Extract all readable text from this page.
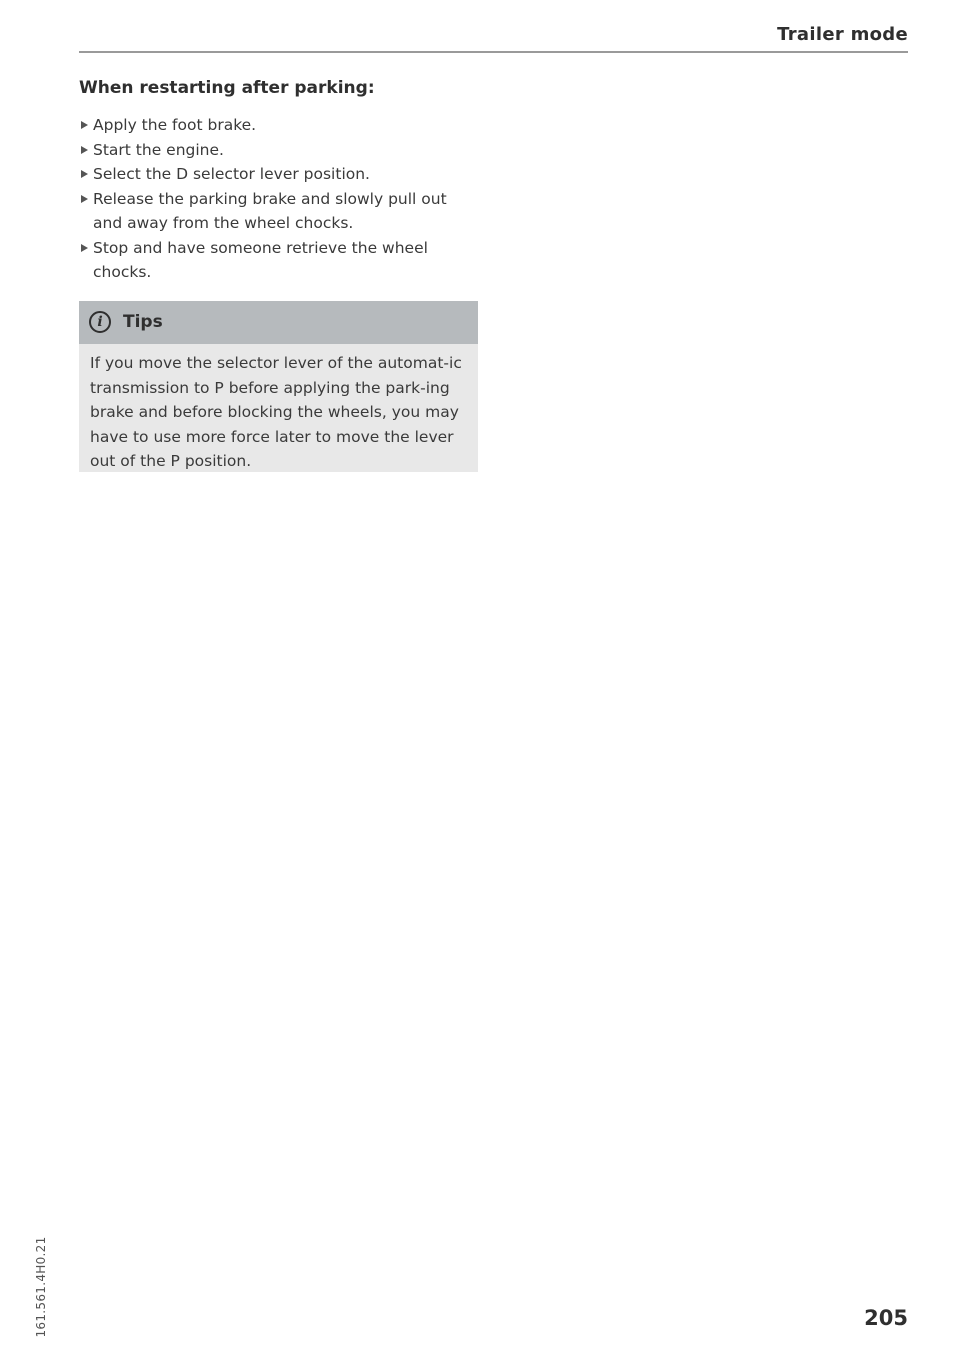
Trailer mode
When restarting after parking:
Apply the foot brake.
Start the engine.
Select the D selector lever position.
Release the parking brake and slowly pull out and away from the wheel chocks.
Stop and have someone retrieve the wheel chocks.
i	Tips
If you move the selector lever of the automat-ic transmission to P before applying the park-ing brake and before blocking the wheels, you may have to use more force later to move the lever out of the P position.
161.561.4H0.21	205
